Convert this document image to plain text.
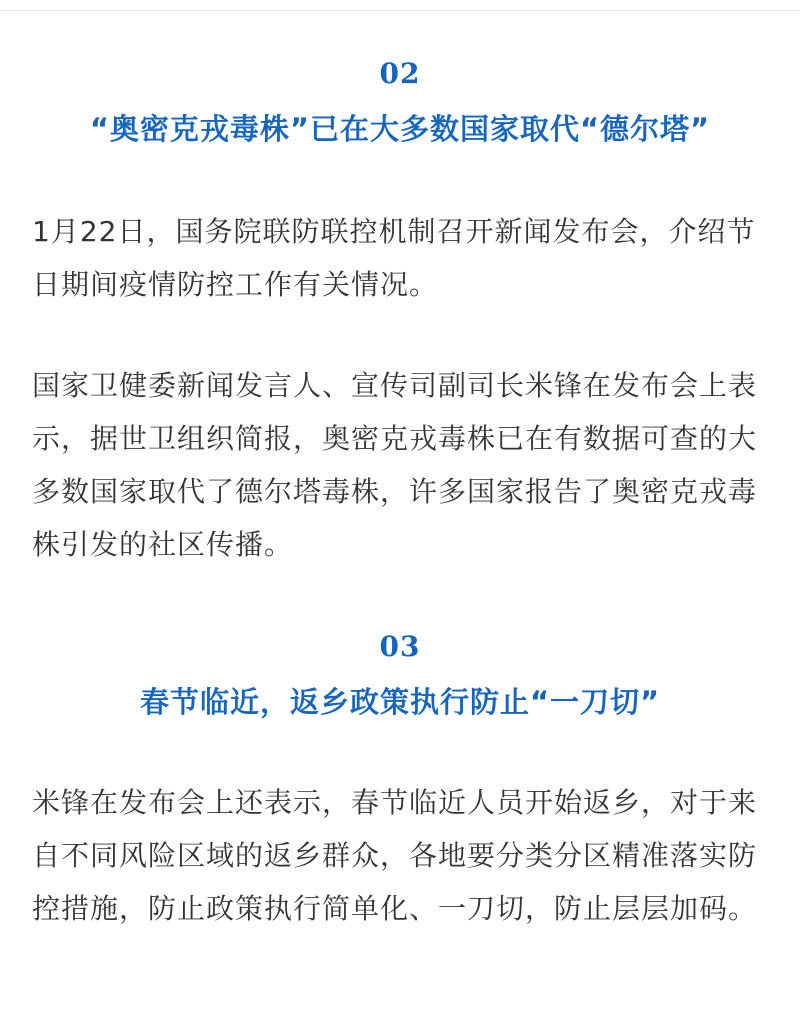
02
“奥密克戎毒株”已在大多数国家取代“德尔塔”
1月22日，国务院联防联控机制召开新闻发布会，介绍节日期间疫情防控工作有关情况。
国家卫健委新闻发言人、宣传司副司长米锋在发布会上表示，据世卫组织简报，奥密克戎毒株已在有数据可查的大多数国家取代了德尔塔毒株，许多国家报告了奥密克戎毒株引发的社区传播。
03
春节临近，返乡政策执行防止“一刀切”
米锋在发布会上还表示，春节临近人员开始返乡，对于来自不同风险区域的返乡群众，各地要分类分区精准落实防控措施，防止政策执行简单化、一刀切，防止层层加码。
